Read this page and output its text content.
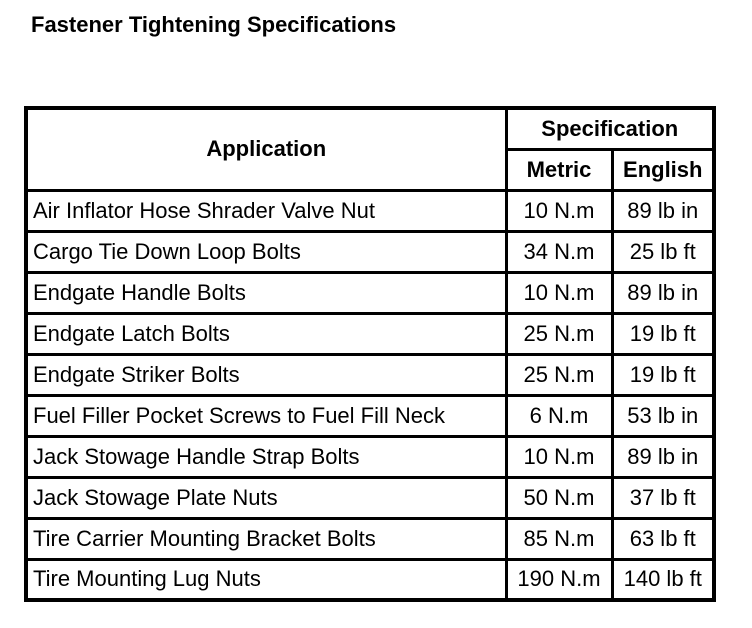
Fastener Tightening Specifications
Application	Specification	
	Metric	English
Air Inflator Hose Shrader Valve Nut	10 N.m	89 lb in
Cargo Tie Down Loop Bolts	34 N.m	25 lb ft
Endgate Handle Bolts	10 N.m	89 lb in
Endgate Latch Bolts	25 N.m	19 lb ft
Endgate Striker Bolts	25 N.m	19 lb ft
Fuel Filler Pocket Screws to Fuel Fill Neck	6 N.m	53 lb in
Jack Stowage Handle Strap Bolts	10 N.m	89 lb in
Jack Stowage Plate Nuts	50 N.m	37 lb ft
Tire Carrier Mounting Bracket Bolts	85 N.m	63 lb ft
Tire Mounting Lug Nuts	190 N.m	140 lb ft
